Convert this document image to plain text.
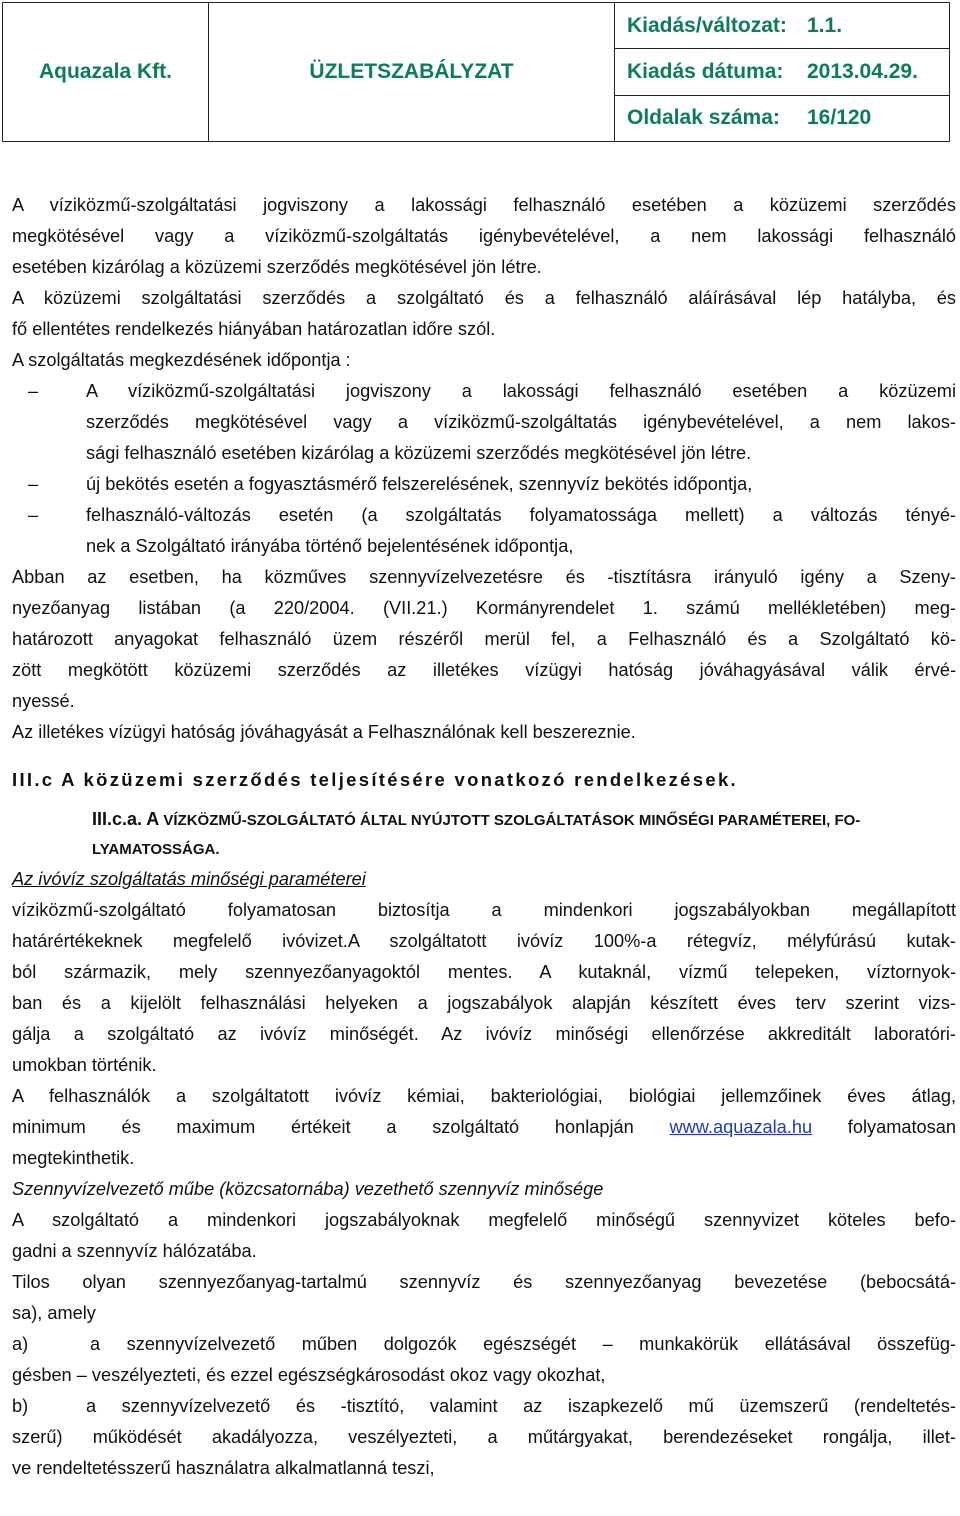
Aquazala Kft.	ÜZLETSZABÁLYZAT
Kiadás/változat: 1.1.
Kiadás dátuma:	2013.04.29.
Oldalak száma:	16/120

A víziközmű-szolgáltatási jogviszony a lakossági felhasználó esetében a közüzemi szerződés
megkötésével vagy a víziközmű-szolgáltatás igénybevételével, a nem lakossági felhasználó
esetében kizárólag a közüzemi szerződés megkötésével jön létre.

A közüzemi szolgáltatási szerződés a szolgáltató és a felhasználó aláírásával lép hatályba, és
fő ellentétes rendelkezés hiányában határozatlan időre szól.

A szolgáltatás megkezdésének időpontja :

–	A víziközmű-szolgáltatási jogviszony a lakossági felhasználó esetében a közüzemi
szerződés megkötésével vagy a víziközmű-szolgáltatás igénybevételével, a nem lakos-
sági felhasználó esetében kizárólag a közüzemi szerződés megkötésével jön létre.
–	új bekötés esetén a fogyasztásmérő felszerelésének, szennyvíz bekötés időpontja,
–	felhasználó-változás esetén (a szolgáltatás folyamatossága mellett) a változás tényé-
nek a Szolgáltató irányába történő bejelentésének időpontja,

Abban az esetben, ha közműves szennyvízelvezetésre és -tisztításra irányuló igény a Szeny-
nyezőanyag listában (a 220/2004. (VII.21.) Kormányrendelet 1. számú mellékletében) meg-
határozott anyagokat felhasználó üzem részéről merül fel, a Felhasználó és a Szolgáltató kö-
zött megkötött közüzemi szerződés az illetékes vízügyi hatóság jóváhagyásával válik érvé-
nyessé.

Az illetékes vízügyi hatóság jóváhagyását a Felhasználónak kell beszereznie.

III.c A közüzemi szerződés teljesítésére vonatkozó rendelkezések.
III.c.a. A VÍZKÖZMŰ-SZOLGÁLTATÓ ÁLTAL NYÚJTOTT SZOLGÁLTATÁSOK MINŐSÉGI PARAMÉTEREI, FO-
LYAMATOSSÁGA.

Az ivóvíz szolgáltatás minőségi paraméterei

víziközmű-szolgáltató folyamatosan biztosítja a mindenkori jogszabályokban megállapított
határértékeknek megfelelő ivóvizet.A szolgáltatott ivóvíz 100%-a rétegvíz, mélyfúrású kutak-
ból származik, mely szennyezőanyagoktól mentes. A kutaknál, vízmű telepeken, víztornyok-
ban és a kijelölt felhasználási helyeken a jogszabályok alapján készített éves terv szerint vizs-
gálja a szolgáltató az ivóvíz minőségét. Az ivóvíz minőségi ellenőrzése akkreditált laboratóri-
umokban történik.

A felhasználók a szolgáltatott ivóvíz kémiai, bakteriológiai, biológiai jellemzőinek éves átlag,
minimum és maximum értékeit a szolgáltató honlapján www.aquazala.hu folyamatosan
megtekinthetik.

Szennyvízelvezető műbe (közcsatornába) vezethető szennyvíz minősége

A szolgáltató a mindenkori jogszabályoknak megfelelő minőségű szennyvizet köteles befo-
gadni a szennyvíz hálózatába.

Tilos olyan szennyezőanyag-tartalmú szennyvíz és szennyezőanyag bevezetése (bebocsátá-
sa), amely

a)	a szennyvízelvezető műben dolgozók egészségét – munkakörük ellátásával összefüg-
gésben – veszélyezteti, és ezzel egészségkárosodást okoz vagy okozhat,

b)	a szennyvízelvezető és -tisztító, valamint az iszapkezelő mű üzemszerű (rendeltetés-
szerű) működését akadályozza, veszélyezteti, a műtárgyakat, berendezéseket rongálja, illet-
ve rendeltetésszerű használatra alkalmatlanná teszi,
